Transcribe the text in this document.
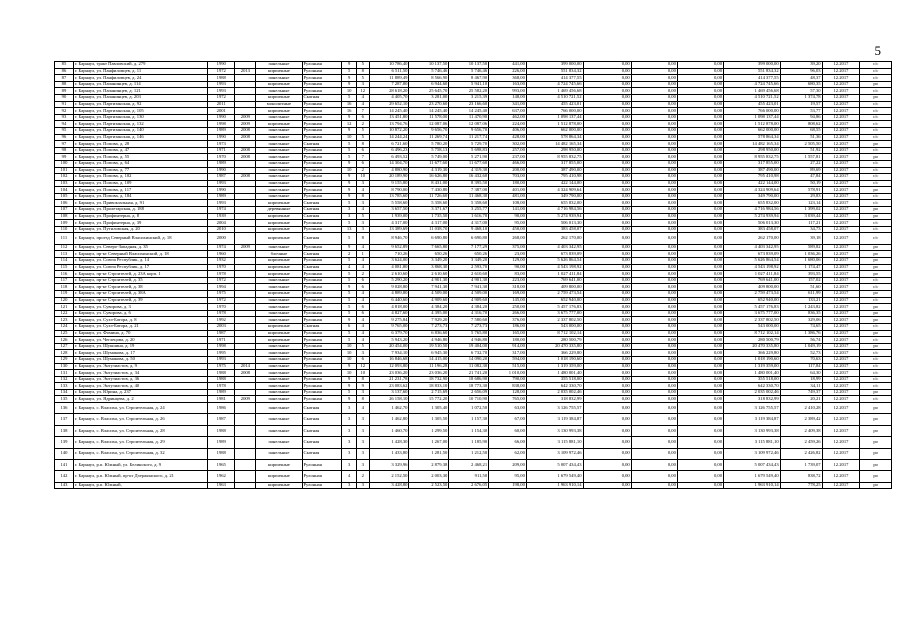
5
85	г. Барнаул, тракт Павловский, д. 279	1990		панельные	Рулонная	9	5	10 786,40	10 137,50	10 137,50	441,00	399 000,00	0,00	0,00	0,00	399 000,00	39,20	12.2017	с/с
86	г. Барнаул, ул. Панфиловцев, д. 11	1972	2013	кирпичные	Рулонная	5	8	6 511,50	5 746,46	5 746,46	226,00	551 834,32	0,00	0,00	0,00	551 834,32	96,03	12.2017	с/с
87	г. Барнаул, ул. Панфиловцев, д. 24	1988		панельные	Рулонная	9	5	11 889,49	8 566,90	8 467,90	368,00	414 377,55	0,00	0,00	0,00	414 377,55	48,37	12.2017	с/с
88	г. Барнаул, ул. Папанинцев, д. 114	1993		кирпичные	Рулонная	9	3	7 287,80	6 944,60	5 941,10	163,00	4 724 745,66	0,00	0,00	0,00	4 724 745,66	680,35	12.2017	ро
89	г. Барнаул, ул. Папанинцев, д. 121	1993		панельные	Рулонная	10	12	28 618,20	25 645,70	25 582,20	993,00	1 469 456,68	0,00	0,00	0,00	1 469 456,68	57,30	12.2017	с/с
90	г. Барнаул, ул. Папанинцев, д. 203	1972		кирпичные	Скатная	5	4	4 405,70	3 281,00	3 215,39	148,00	4 510 721,52	0,00	0,00	0,00	4 510 721,52	1 374,78	12.2017	ро
91	г. Барнаул, ул. Партизанская, д. 92	2011		монолитные	Рулонная	16	4	29 652,10	23 270,60	23 166,60	341,00	455 423,01	0,00	0,00	0,00	455 423,01	19,57	12.2017	с/с
92	г. Барнаул, ул. Партизанская, д. 105	2001		кирпичные	Рулонная	16	7	14 245,40	14 245,40	14 245,40	637,00	766 000,00	0,00	0,00	0,00	766 000,00	53,77	12.2017	с/с
93	г. Барнаул, ул. Партизанская, д. 130	1990	2009	панельные	Рулонная	9	6	13 451,80	11 578,00	11 470,90	462,00	1 098 137,44	0,00	0,00	0,00	1 098 137,44	94,86	12.2017	с/с
94	г. Барнаул, ул. Партизанская, д. 132	1998	2009	кирпичные	Рулонная	12	2	13 794,76	12 087,06	12 087,06	224,00	1 512 878,00	0,00	0,00	0,00	1 512 878,00	808,62	12.2017	с/с
95	г. Барнаул, ул. Партизанская, д. 140	1989	2008	панельные	Рулонная	9	5	10 872,20	9 656,70	9 656,70	406,00	662 000,00	0,00	0,00	0,00	662 000,00	68,55	12.2017	с/с
96	г. Барнаул, ул. Партизанская, д. 146	1990	2008	панельные	Рулонная	10	5	14 244,24	11 269,74	11 217,74	428,00	578 864,34	0,00	0,00	0,00	578 864,34	51,36	12.2017	с/с
97	г. Барнаул, ул. Попова, д. 28	1973		панельные	Скатная	5	8	6 721,60	5 780,20	5 729,70	302,00	14 482 165,34	0,00	0,00	0,00	14 482 165,34	2 505,50	12.2017	ро
98	г. Барнаул, ул. Попова, д. 47	1971	2008	панельные	Рулонная	5	6	6 496,23	5 758,13	5 698,83	257,00	298 950,00	0,00	0,00	0,00	298 950,00	51,92	12.2017	с/с
99	г. Барнаул, ул. Попова, д. 55	1970	2008	панельные	Рулонная	5	7	6 493,52	5 749,00	5 271,90	237,00	8 955 832,75	0,00	0,00	0,00	8 955 832,75	1 557,81	12.2017	ро
100	г. Барнаул, ул. Попова, д. 64	1989		панельные	Рулонная	9	6	14 304,70	11 677,60	11 677,60	466,00	317 855,00	0,00	0,00	0,00	317 855,00	27,22	12.2017	с/с
101	г. Барнаул, ул. Попова, д. 77	1990		панельные	Рулонная	10	2	4 880,90	4 319,30	4 319,30	200,00	387 490,00	0,00	0,00	0,00	387 490,00	89,69	12.2017	с/с
102	г. Барнаул, ул. Попова, д. 102	1987	2008	панельные	Рулонная	9	10	20 189,90	16 626,80	16 432,60	703,00	795 410,98	0,00	0,00	0,00	795 410,98	47,84	12.2017	с/с
103	г. Барнаул, ул. Попова, д. 109	1993		панельные	Рулонная	9	3	9 155,80	8 431,00	8 395,50	180,00	422 144,00	0,00	0,00	0,00	422 144,00	50,19	12.2017	с/с
104	г. Барнаул, ул. Попова, д. 117	1990		панельные	Рулонная	9	4	8 790,00	7 430,80	7 387,00	401,00	4 324 909,64	0,00	0,00	0,00	4 324 909,64	578,91	12.2017	ро
105	г. Барнаул, ул. Попова, д. 184	1989		панельные	Рулонная	9	8	13 785,60	11 726,60	11 468,30	481,00	349 790,00	0,00	0,00	0,00	349 790,00	29,83	12.2017	с/с
106	г. Барнаул, ул. Привокзальная, д. 91	1993		кирпичные	Скатная	5	3	5 558,60	5 358,60	5 358,60	108,00	655 832,00	0,00	0,00	0,00	655 832,00	123,14	12.2017	с/с
107	г. Барнаул, ул. Пролетарская, д. 188	1974		деревянные	Скатная	3	4	3 657,50	3 371,67	3 255,77	141,00	4 716 984,56	0,00	0,00	0,00	4 716 984,56	1 399,02	12.2017	ро
108	г. Барнаул, ул. Профинтерна, д. 8	1939		кирпичные	Скатная	3	5	1 939,00	1 735,50	1 616,70	90,00	5 274 939,94	0,00	0,00	0,00	5 274 939,94	3 039,44	12.2017	ро
109	г. Барнаул, ул. Профинтерна, д. 39	2004		кирпичные	Рулонная	5	3	4 317,00	4 317,00	4 317,00	95,00	506 013,30	0,00	0,00	0,00	506 013,30	117,21	12.2017	с/с
110	г. Барнаул, ул. Путиловская, д. 20	2010		кирпичные	Рулонная	13	3	13 389,69	11 038,70	9 468,10	450,00	383 458,07	0,00	0,00	0,00	383 458,07	34,73	12.2017	с/с
111	г. Барнаул, проезд Северный Власихинский, д. 18	2000		кирпичные	Скатная	5	8	8 946,70	6 690,80	6 690,80	268,00	262 170,00	0,00	0,00	0,00	262 170,00	39,18	12.2017	с/с
112	г. Барнаул, ул. Северо-Западная, д. 35	1974	2009	панельные	Рулонная	9	4	9 652,89	7 665,80	7 177,29	375,00	4 403 342,95	0,00	0,00	0,00	4 403 342,95	589,82	12.2017	ро
113	г. Барнаул, пр-кт Северный Власихинский, д. 18	1960		блочные	Скатная	2	1	710,26	650,26	650,26	23,00	673 839,09	0,00	0,00	0,00	673 839,09	1 036,26	12.2017	ро
114	г. Барнаул, ул. Союза Республик, д. 14	1932		кирпичные	Рулонная	5	4	3 624,00	3 349,20	3 349,20	129,00	5 626 864,54	0,00	0,00	0,00	5 626 864,54	1 680,06	12.2017	ро
115	г. Барнаул, ул. Союза Республик, д. 17	1970		кирпичные	Скатная	4	4	4 081,80	3 868,30	2 593,70	90,00	4 543 198,92	0,00	0,00	0,00	4 543 198,92	1 174,47	12.2017	ро
116	г. Барнаул, пр-кт Строителей, д. 23А корп. 1	1978		кирпичные	Рулонная	5	2	2 610,60	2 610,60	2 610,60	83,00	1 027 411,84	0,00	0,00	0,00	1 027 411,84	393,55	12.2017	ро
117	г. Барнаул, пр-кт Строителей, д. 35	1972		панельные	Рулонная	5	6	5 290,20	4 901,30	4 901,30	223,00	769 641,00	0,00	0,00	0,00	769 641,00	157,02	12.2017	с/с
118	г. Барнаул, пр-кт Строителей, д. 38	1994		панельные	Рулонная	9	6	9 028,80	7 941,30	7 941,30	318,00	409 800,00	0,00	0,00	0,00	409 800,00	51,60	12.2017	с/с
119	г. Барнаул, пр-кт Строителей, д. 38А	1975		кирпичные	Рулонная	5	4	4 889,80	4 509,00	4 509,00	169,00	2 759 473,54	0,00	0,00	0,00	2 759 473,54	611,99	12.2017	ро
120	г. Барнаул, пр-кт Строителей, д. 39	1972		панельные	Рулонная	5	4	6 440,60	4 909,60	4 909,60	145,00	652 940,00	0,00	0,00	0,00	652 940,00	133,21	12.2017	с/с
121	г. Барнаул, ул. Суворова, д. 3	1970		панельные	Рулонная	5	6	4 818,00	4 384,20	4 384,20	250,00	5 457 176,83	0,00	0,00	0,00	5 457 176,83	1 243,82	12.2017	ро
122	г. Барнаул, ул. Суворова, д. 6	1978		панельные	Рулонная	5	6	4 827,60	4 395,00	4 316,70	266,00	3 675 777,00	0,00	0,00	0,00	3 675 777,00	836,35	12.2017	ро
123	г. Барнаул, ул. Сухэ-Батора, д. 8	1992		панельные	Рулонная	9	4	9 275,84	7 929,20	7 580,60	376,00	2 337 802,50	0,00	0,00	0,00	2 337 802,50	329,06	12.2017	ро
124	г. Барнаул, ул. Сухэ-Батора, д. 21	2003		кирпичные	Скатная	6	4	9 765,00	7 273,73	7 273,73	186,00	543 000,00	0,00	0,00	0,00	543 000,00	74,65	12.2017	с/с
125	г. Барнаул, ул. Фомина, д. 70	1987		кирпичные	Рулонная	5	4	6 379,70	6 836,60	5 765,80	165,00	8 712 102,14	0,00	0,00	0,00	8 712 102,14	1 386,76	12.2017	ро
126	г. Барнаул, ул. Чеглецова, д. 20	1971		кирпичные	Рулонная	5	4	5 943,20	4 946,80	4 946,80	180,00	280 500,79	0,00	0,00	0,00	280 500,79	56,74	12.2017	с/с
127	г. Барнаул, ул. Шукшина, д. 19	1998		панельные	Рулонная	10	5	20 454,00	19 510,50	19 404,00	914,00	20 470 335,80	0,00	0,00	0,00	20 470 335,80	1 049,19	12.2017	ро
128	г. Барнаул, ул. Шумакова, д. 17	1995		панельные	Рулонная	10	3	7 934,10	6 945,30	6 732,70	317,00	366 229,80	0,00	0,00	0,00	366 229,80	52,73	12.2017	с/с
129	г. Барнаул, ул. Шумакова, д. 50	1993		панельные	Рулонная	10	6	16 846,68	14 415,00	14 090,20	594,00	1 018 190,60	0,00	0,00	0,00	1 018 190,60	70,63	12.2017	с/с
130	г. Барнаул, ул. Энтузиастов, д. 9	1975	2014	панельные	Рулонная	9	12	12 093,80	11 196,28	11 082,30	515,00	1 319 359,00	0,00	0,00	0,00	1 319 359,00	117,84	12.2017	с/с
131	г. Барнаул, ул. Энтузиастов, д. 34	1988	2008	панельные	Рулонная	10	10	23 036,20	23 036,20	21 741,20	1 010,00	1 480 001,40	0,00	0,00	0,00	1 480 001,40	64,30	12.2017	с/с
132	г. Барнаул, ул. Энтузиастов, д. 36	1988		панельные	Рулонная	9	8	21 231,78	18 732,90	18 686,90	790,00	355 518,00	0,00	0,00	0,00	355 518,00	18,99	12.2017	с/с
133	г. Барнаул, ул. Энтузиастов, д. 40	1978		панельные	Рулонная	9	9	23 083,62	18 833,10	18 773,30	838,00	642 330,70	0,00	0,00	0,00	642 330,70	34,11	12.2017	с/с
134	г. Барнаул, ул. Юрина, д. 237	1989		панельные	Рулонная	5	3	3 137,60	2 715,69	2 656,09	128,00	2 035 002,46	0,00	0,00	0,00	2 035 002,46	749,37	12.2017	ро
135	г. Барнаул, ул. Ядринцева, д. 2	1981	2009	панельные	Рулонная	9	8	26 158,10	15 772,20	10 710,90	765,00	318 832,99	0,00	0,00	0,00	318 832,99	20,21	12.2017	с/с
136	г. Барнаул, с. Власиха, ул. Строительная, д. 24	1986		панельные	Скатная	3	4	1 462,70	1 305,40	1 072,50	63,00	3 126 755,57	0,00	0,00	0,00	3 126 755,57	2 410,28	12.2017	ро
137	г. Барнаул, с. Власиха, ул. Строительная, д. 26	1987		панельные	Скатная	3	3	1 462,80	1 305,50	1 157,30	67,00	3 119 384,87	0,00	0,00	0,00	3 119 384,87	2 389,42	12.2017	ро
138	г. Барнаул, с. Власиха, ул. Строительная, д. 28	1988		панельные	Скатная	3	3	1 460,70	1 299,50	1 154,30	60,00	3 130 993,38	0,00	0,00	0,00	3 130 993,38	2 409,38	12.2017	ро
139	г. Барнаул, с. Власиха, ул. Строительная, д. 29	1989		панельные	Скатная	3	3	1 428,30	1 267,00	1 185,90	66,00	3 115 881,10	0,00	0,00	0,00	3 115 881,10	2 459,26	12.2017	ро
140	г. Барнаул, с. Власиха, ул. Строительная, д. 32	1988		панельные	Скатная	3	3	1 433,80	1 281,50	1 212,50	62,00	3 109 972,46	0,00	0,00	0,00	3 109 972,46	2 426,82	12.2017	ро
141	г. Барнаул, р.п. Южный, ул. Белинского, д. 9	1965		кирпичные	Рулонная	3	3	3 329,96	2 879,38	2 468,21	209,00	5 007 434,43	0,00	0,00	0,00	5 007 434,43	1 739,07	12.2017	ро
142	г. Барнаул, р.п. Южный, пр-кт Дзержинского, д. 21	1962		кирпичные	Рулонная	4	2	2 152,50	2 003,30	911,50	95,00	1 679 549,40	0,00	0,00	0,00	1 679 549,40	838,72	12.2017	ро
143	г. Барнаул, р.п. Южный,	1963		кирпичные	Рулонная	3	3	3 428,80	2 523,50	2 676,05	198,00	1 963 910,14	0,00	0,00	0,00	1 963 910,14	778,25	12.2017	ро
